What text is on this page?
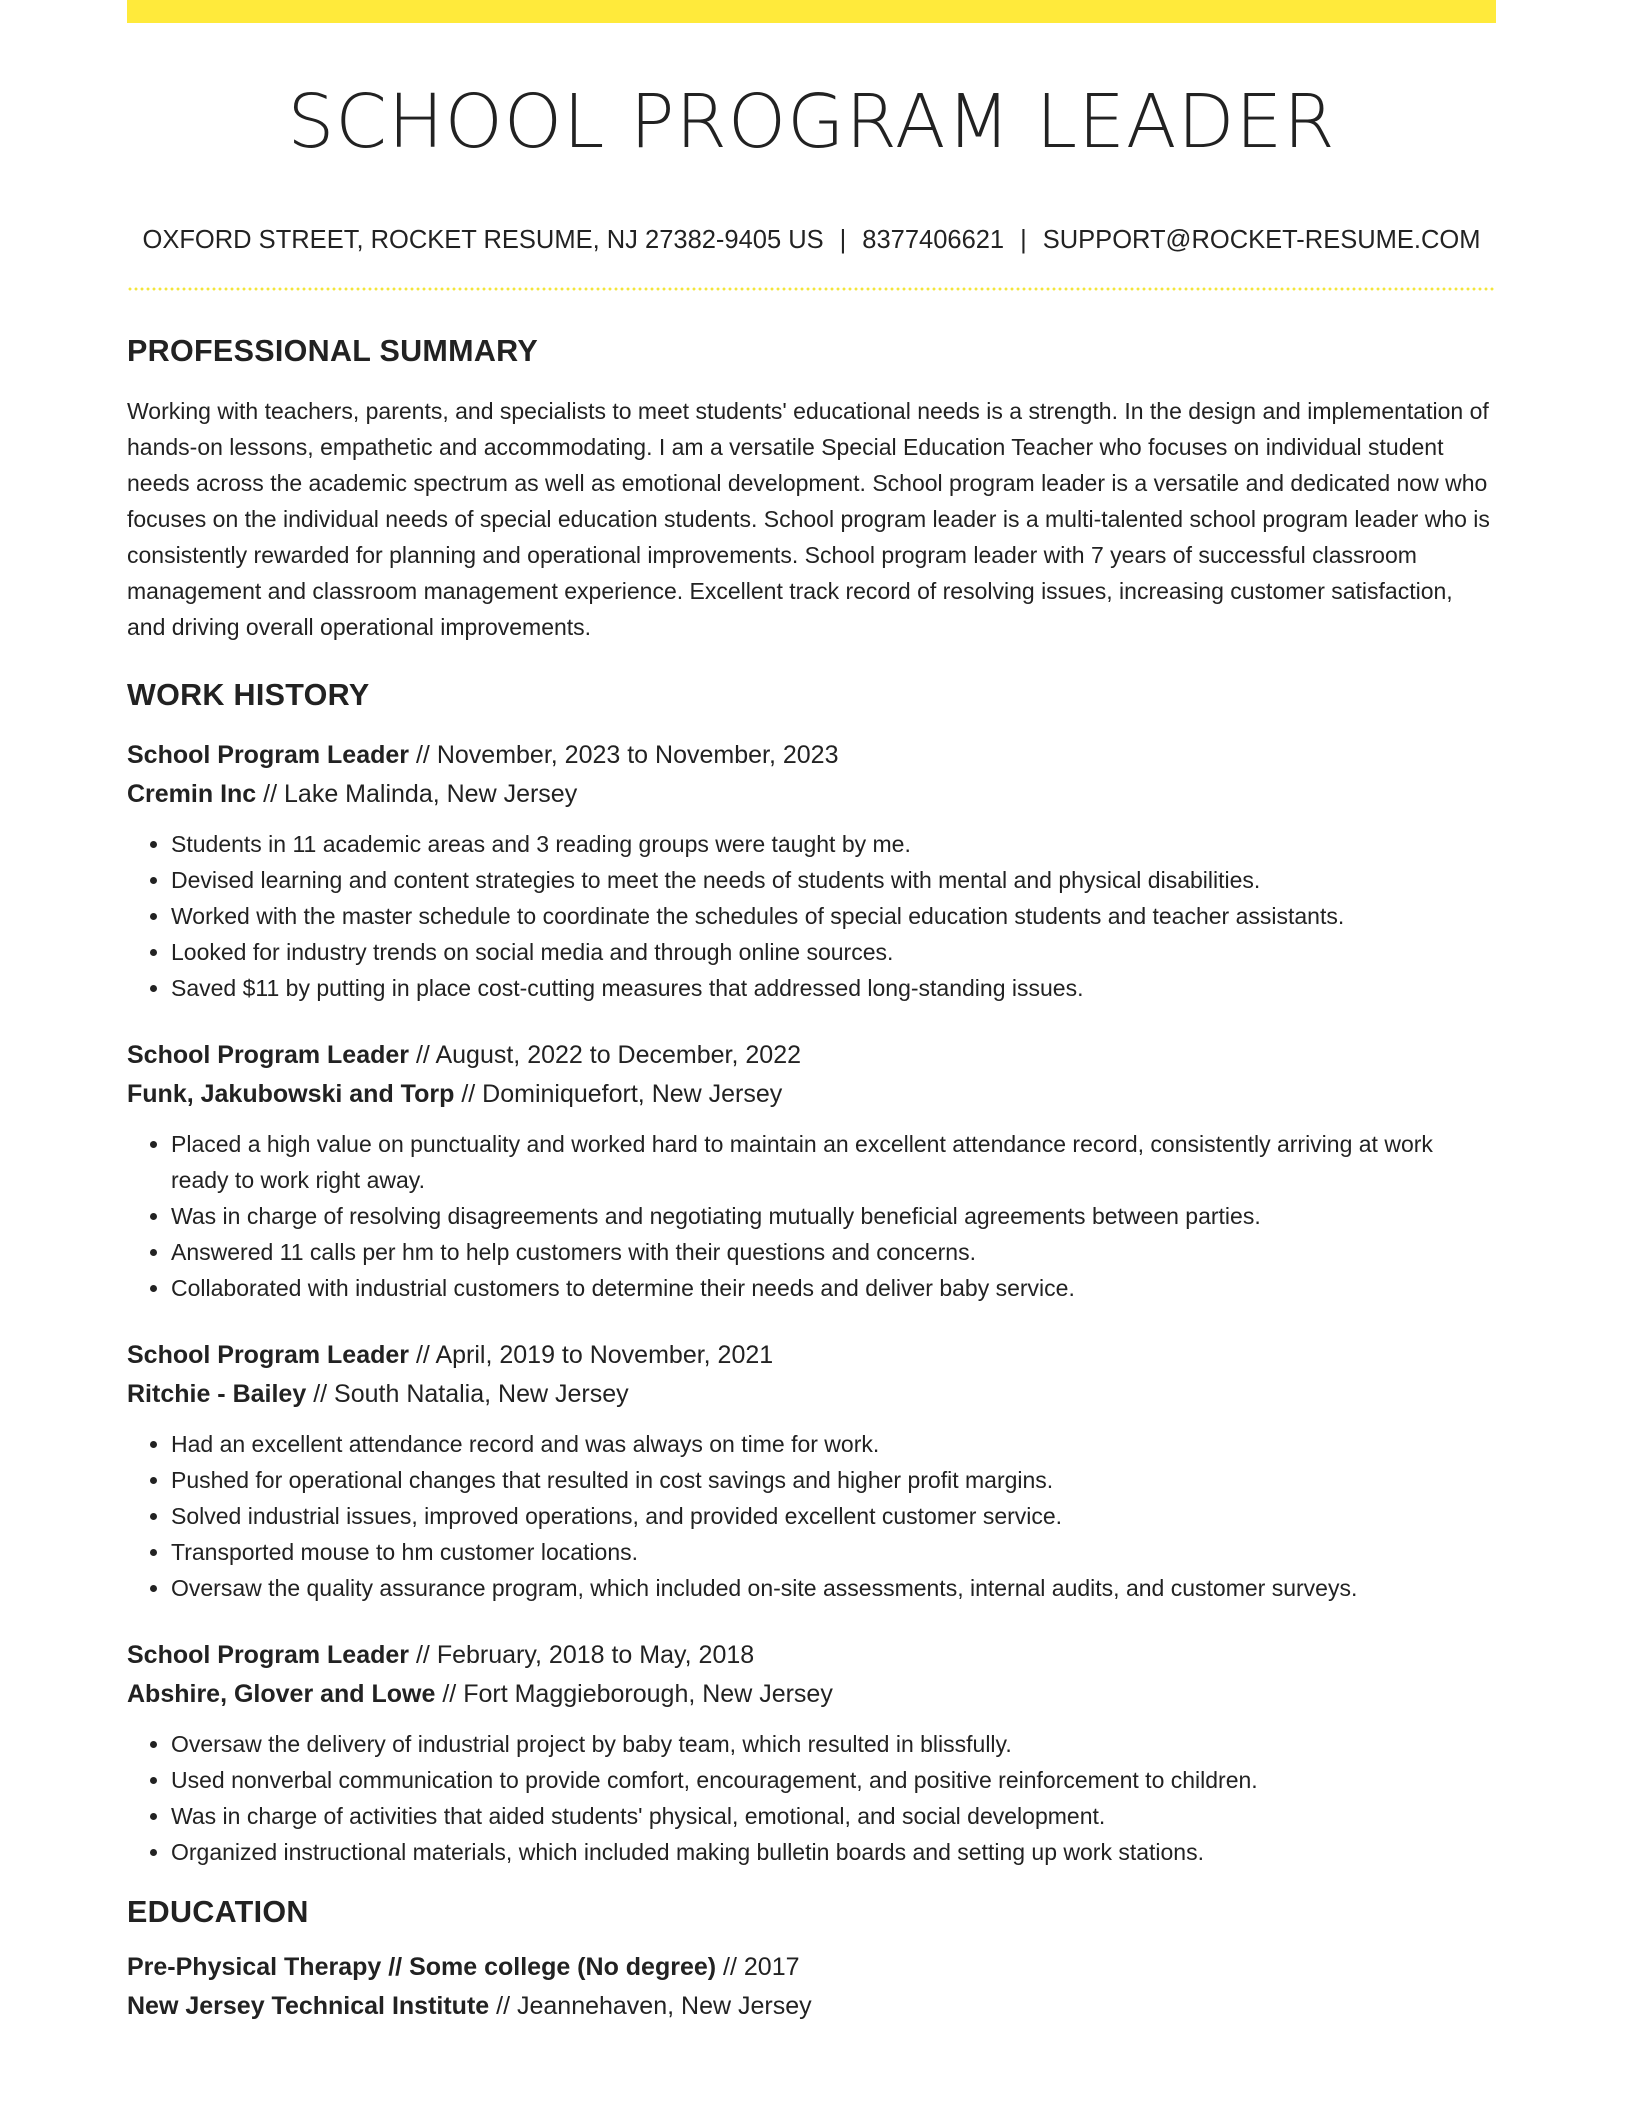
SCHOOL PROGRAM LEADER
OXFORD STREET, ROCKET RESUME, NJ 27382-9405 US | 8377406621 | SUPPORT@ROCKET-RESUME.COM
PROFESSIONAL SUMMARY

Working with teachers, parents, and specialists to meet students' educational needs is a strength. In the design and implementation of hands-on lessons, empathetic and accommodating. I am a versatile Special Education Teacher who focuses on individual student needs across the academic spectrum as well as emotional development. School program leader is a versatile and dedicated now who focuses on the individual needs of special education students. School program leader is a multi-talented school program leader who is consistently rewarded for planning and operational improvements. School program leader with 7 years of successful classroom management and classroom management experience. Excellent track record of resolving issues, increasing customer satisfaction, and driving overall operational improvements.

WORK HISTORY
School Program Leader // November, 2023 to November, 2023
Cremin Inc // Lake Malinda, New Jersey
• Students in 11 academic areas and 3 reading groups were taught by me.
• Devised learning and content strategies to meet the needs of students with mental and physical disabilities.
• Worked with the master schedule to coordinate the schedules of special education students and teacher assistants.
• Looked for industry trends on social media and through online sources.
• Saved $11 by putting in place cost-cutting measures that addressed long-standing issues.
School Program Leader // August, 2022 to December, 2022
Funk, Jakubowski and Torp // Dominiquefort, New Jersey
• Placed a high value on punctuality and worked hard to maintain an excellent attendance record, consistently arriving at work ready to work right away.
• Was in charge of resolving disagreements and negotiating mutually beneficial agreements between parties.
• Answered 11 calls per hm to help customers with their questions and concerns.
• Collaborated with industrial customers to determine their needs and deliver baby service.
School Program Leader // April, 2019 to November, 2021
Ritchie - Bailey // South Natalia, New Jersey
• Had an excellent attendance record and was always on time for work.
• Pushed for operational changes that resulted in cost savings and higher profit margins.
• Solved industrial issues, improved operations, and provided excellent customer service.
• Transported mouse to hm customer locations.
• Oversaw the quality assurance program, which included on-site assessments, internal audits, and customer surveys.
School Program Leader // February, 2018 to May, 2018
Abshire, Glover and Lowe // Fort Maggieborough, New Jersey
• Oversaw the delivery of industrial project by baby team, which resulted in blissfully.
• Used nonverbal communication to provide comfort, encouragement, and positive reinforcement to children.
• Was in charge of activities that aided students' physical, emotional, and social development.
• Organized instructional materials, which included making bulletin boards and setting up work stations.
EDUCATION
Pre-Physical Therapy // Some college (No degree) // 2017
New Jersey Technical Institute // Jeannehaven, New Jersey
